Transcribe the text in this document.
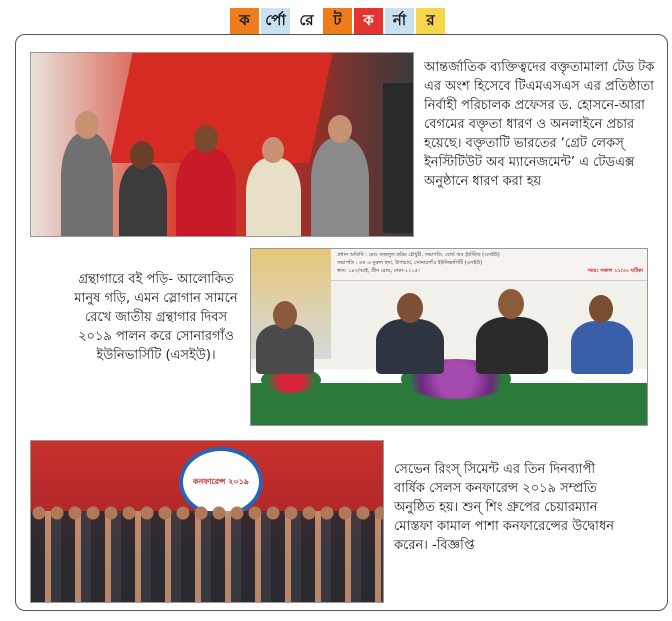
ক	র্পো রে	ট	ক	র্না	র

আন্তর্জাতিক ব্যক্তিত্বদের বক্তৃতামালা টেড টক এর অংশ হিসেবে টিএমএসএস এর প্রতিষ্ঠাতা নির্বাহী পরিচালক প্রফেসর ড. হোসনে-আরা বেগমের বক্তৃতা ধারণ ও অনলাইনে প্রচার হয়েছে। বক্তৃতাটি ভারতের ‘গ্রেট লেকস্ ইনস্টিটিউট অব ম্যানেজমেন্ট’ এ টেডএক্স অনুষ্ঠানে ধারণ করা হয়

গ্রন্থাগারে বই পড়ি- আলোকিত মানুষ গড়ি, এমন স্লোগান সামনে রেখে জাতীয় গ্রন্থাগার দিবস ২০১৯ পালন করে সোনারগাঁও ইউনিভার্সিটি (এসইউ)।

প্রধান অতিথি : মোঃ ফজলুল করিম চৌধুরী, সভাপতি, বোর্ড অব ট্রাস্টিজ (এসইউ)
সভাপতি : এম এ নুরুল হুদা, উপাচার্য, সোনারগাঁও ইউনিভার্সিটি (এসইউ)
স্থান: ১৪৭/আই, গ্রীন রোড, ঢাকা-১২১৫।	সময়: সকাল ১১:৩০ ঘটিকা
কনফারেন্স ২০১৯

সেভেন রিংস্ সিমেন্ট এর তিন দিনব্যাপী বার্ষিক সেলস কনফারেন্স ২০১৯ সম্প্রতি অনুষ্ঠিত হয়। শুন্ শিং গ্রুপের চেয়ারম্যান মোস্তফা কামাল পাশা কনফারেন্সের উদ্বোধন করেন। -বিজ্ঞপ্তি
